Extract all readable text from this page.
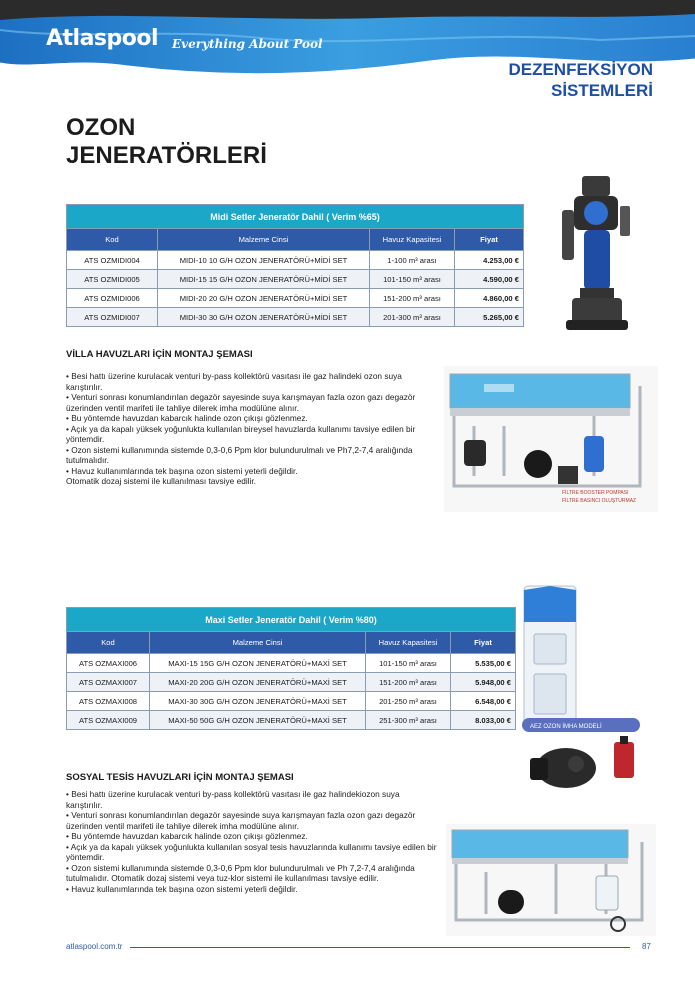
Atlaspool Everything About Pool
DEZENFEKSİYON
SİSTEMLERİ
OZON
JENERATÖRLERİ
Midi Setler Jeneratör Dahil ( Verim %65)			
Kod	Malzeme Cinsi	Havuz Kapasitesi	Fiyat
ATS OZMIDI004	MIDI-10 10 G/H OZON JENERATÖRÜ+MİDİ SET	1-100 m³ arası	4.253,00 €
ATS OZMIDI005	MIDI-15 15 G/H OZON JENERATÖRÜ+MİDİ SET	101-150 m³ arası	4.590,00 €
ATS OZMIDI006	MIDI-20 20 G/H OZON JENERATÖRÜ+MİDİ SET	151-200 m³ arası	4.860,00 €
ATS OZMIDI007	MIDI-30 30 G/H OZON JENERATÖRÜ+MİDİ SET	201-300 m³ arası	5.265,00 €
VİLLA HAVUZLARI İÇİN MONTAJ ŞEMASI

• Besi hattı üzerine kurulacak venturi by-pass kollektörü vasıtası ile gaz halindeki ozon suya karıştırılır.

• Venturi sonrası konumlandırılan degazör sayesinde suya karışmayan fazla ozon gazı degazör üzerinden ventil marifeti ile tahliye dilerek imha modülüne alınır.

• Bu yöntemde havuzdan kabarcık halinde ozon çıkışı gözlenmez.

• Açık ya da kapalı yüksek yoğunlukta kullanılan bireysel havuzlarda kullanımı tavsiye edilen bir yöntemdir.

• Ozon sistemi kullanımında sistemde 0,3-0,6 Ppm klor bulundurulmalı ve Ph7,2-7,4 aralığında tutulmalıdır.

• Havuz kullanımlarında tek başına ozon sistemi yeterli değildir.

Otomatik dozaj sistemi ile kullanılması tavsiye edilir.

FİLTRE BOOSTER POMPASI
FİLTRE BASINCI OLUŞTURMAZ
Maxi Setler Jeneratör Dahil ( Verim %80)			
Kod	Malzeme Cinsi	Havuz Kapasitesi	Fiyat
ATS OZMAXI006	MAXI-15 15G G/H OZON JENERATÖRÜ+MAXİ SET	101-150 m³ arası	5.535,00 €
ATS OZMAXI007	MAXI-20 20G G/H OZON JENERATÖRÜ+MAXİ SET	151-200 m³ arası	5.948,00 €
ATS OZMAXI008	MAXI-30 30G G/H OZON JENERATÖRÜ+MAXİ SET	201-250 m³ arası	6.548,00 €
ATS OZMAXI009	MAXI-50 50G G/H OZON JENERATÖRÜ+MAXİ SET	251-300 m³ arası	8.033,00 €
AEZ OZON İMHA MODELİ
SOSYAL TESİS HAVUZLARI İÇİN MONTAJ ŞEMASI

• Besi hattı üzerine kurulacak venturi by-pass kollektörü vasıtası ile gaz halindekiozon suya karıştırılır.

• Venturi sonrası konumlandırılan degazör sayesinde suya karışmayan fazla ozon gazı degazör üzerinden ventil marifeti ile tahliye dilerek imha modülüne alınır.

• Bu yöntemde havuzdan kabarcık halinde ozon çıkışı gözlenmez.

• Açık ya da kapalı yüksek yoğunlukta kullanılan sosyal tesis havuzlarında kullanımı tavsiye edilen bir yöntemdir.

• Ozon sistemi kullanımında sistemde 0,3-0,6 Ppm klor bulundurulmalı ve Ph 7,2-7,4 aralığında tutulmalıdır. Otomatik dozaj sistemi veya tuz-klor sistemi ile kullanılması tavsiye edilir.

• Havuz kullanımlarında tek başına ozon sistemi yeterli değildir.

atlaspool.com.tr	87
